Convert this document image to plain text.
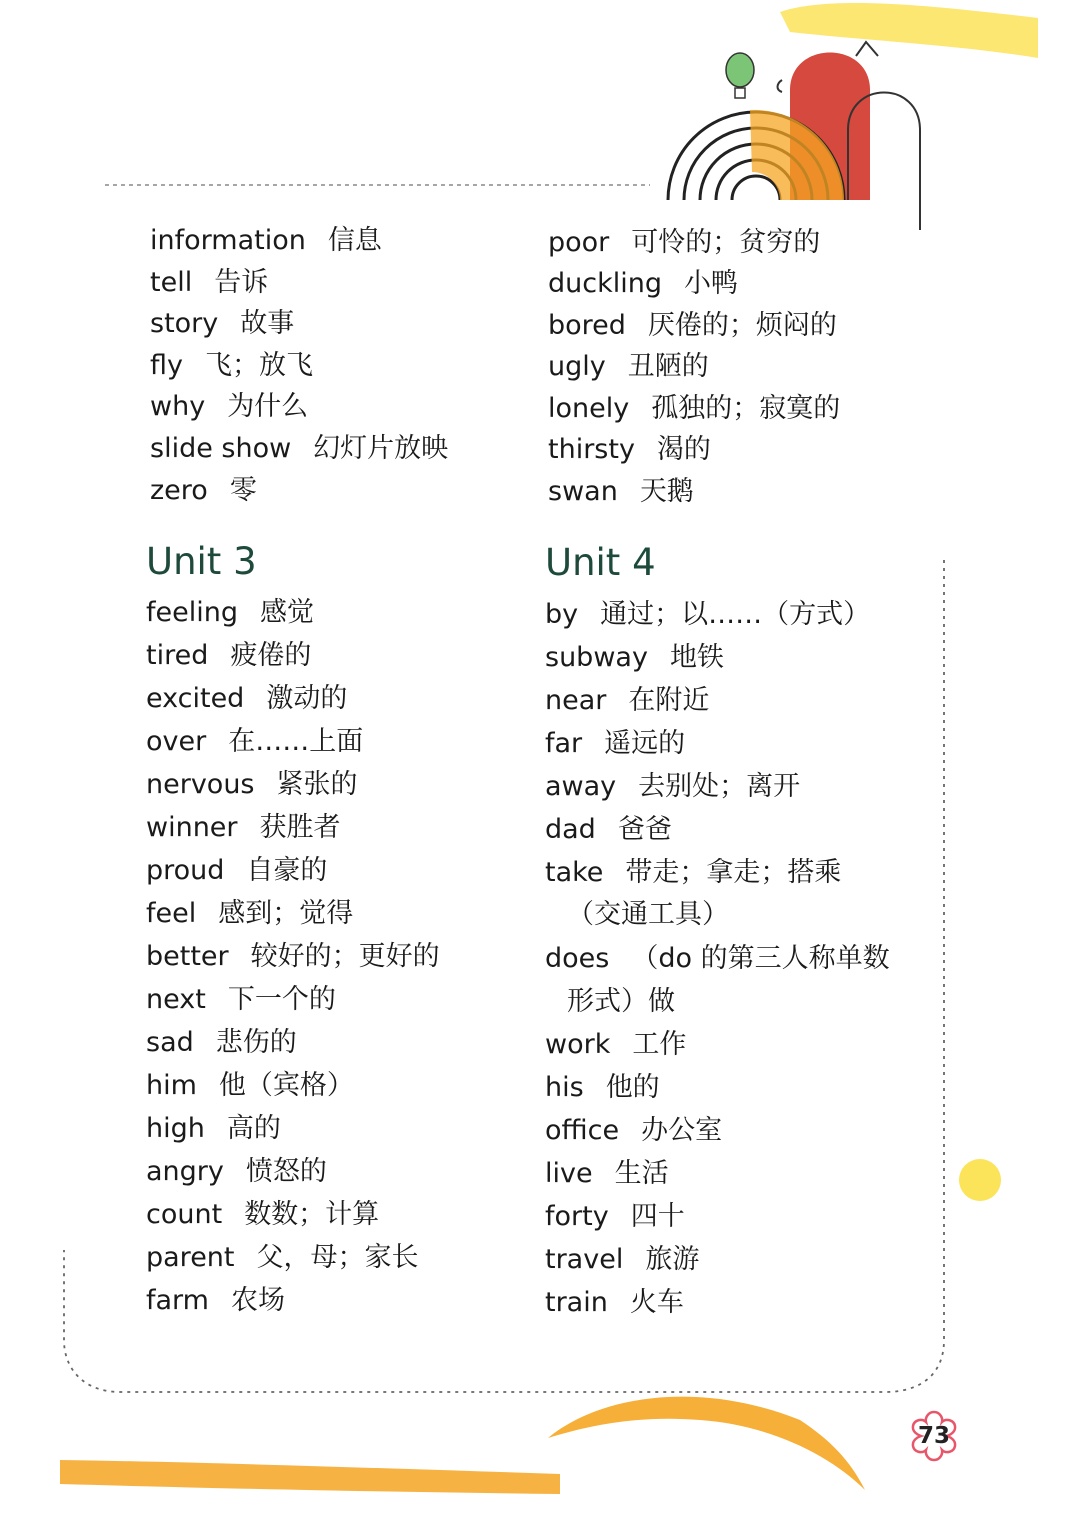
information 信息
tell 告诉
story 故事
fly 飞；放飞
why 为什么
slide show 幻灯片放映
zero 零
poor 可怜的；贫穷的
duckling 小鸭
bored 厌倦的；烦闷的
ugly 丑陋的
lonely 孤独的；寂寞的
thirsty 渴的
swan 天鹅
Unit 3
feeling 感觉
tired 疲倦的
excited 激动的
over 在……上面
nervous 紧张的
winner 获胜者
proud 自豪的
feel 感到；觉得
better 较好的；更好的
next 下一个的
sad 悲伤的
him 他（宾格）
high 高的
angry 愤怒的
count 数数；计算
parent 父，母；家长
farm 农场
Unit 4
by 通过；以……（方式）
subway 地铁
near 在附近
far 遥远的
away 去别处；离开
dad 爸爸
take 带走；拿走；搭乘
（交通工具）
does （do 的第三人称单数
形式）做
work 工作
his 他的
office 办公室
live 生活
forty 四十
travel 旅游
train 火车
73
